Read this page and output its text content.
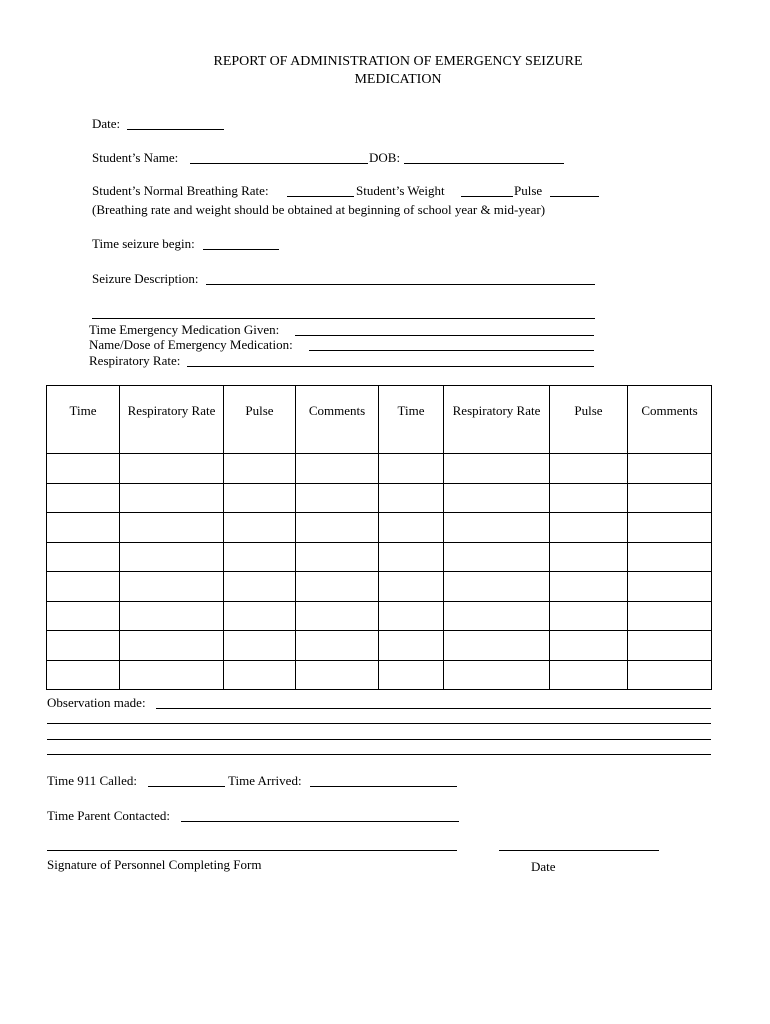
REPORT OF ADMINISTRATION OF EMERGENCY SEIZURE
MEDICATION
Date:
Student’s Name:	DOB:
Student’s Normal Breathing Rate:	Student’s Weight	Pulse
(Breathing rate and weight should be obtained at beginning of school year & mid-year)
Time seizure begin:
Seizure Description:
Time Emergency Medication Given:
Name/Dose of Emergency Medication:
Respiratory Rate:
Time	Respiratory Rate	Pulse	Comments	Time	Respiratory Rate	Pulse	Comments

Observation made:
Time 911 Called:	Time Arrived:
Time Parent Contacted:
Signature of Personnel Completing Form	Date
